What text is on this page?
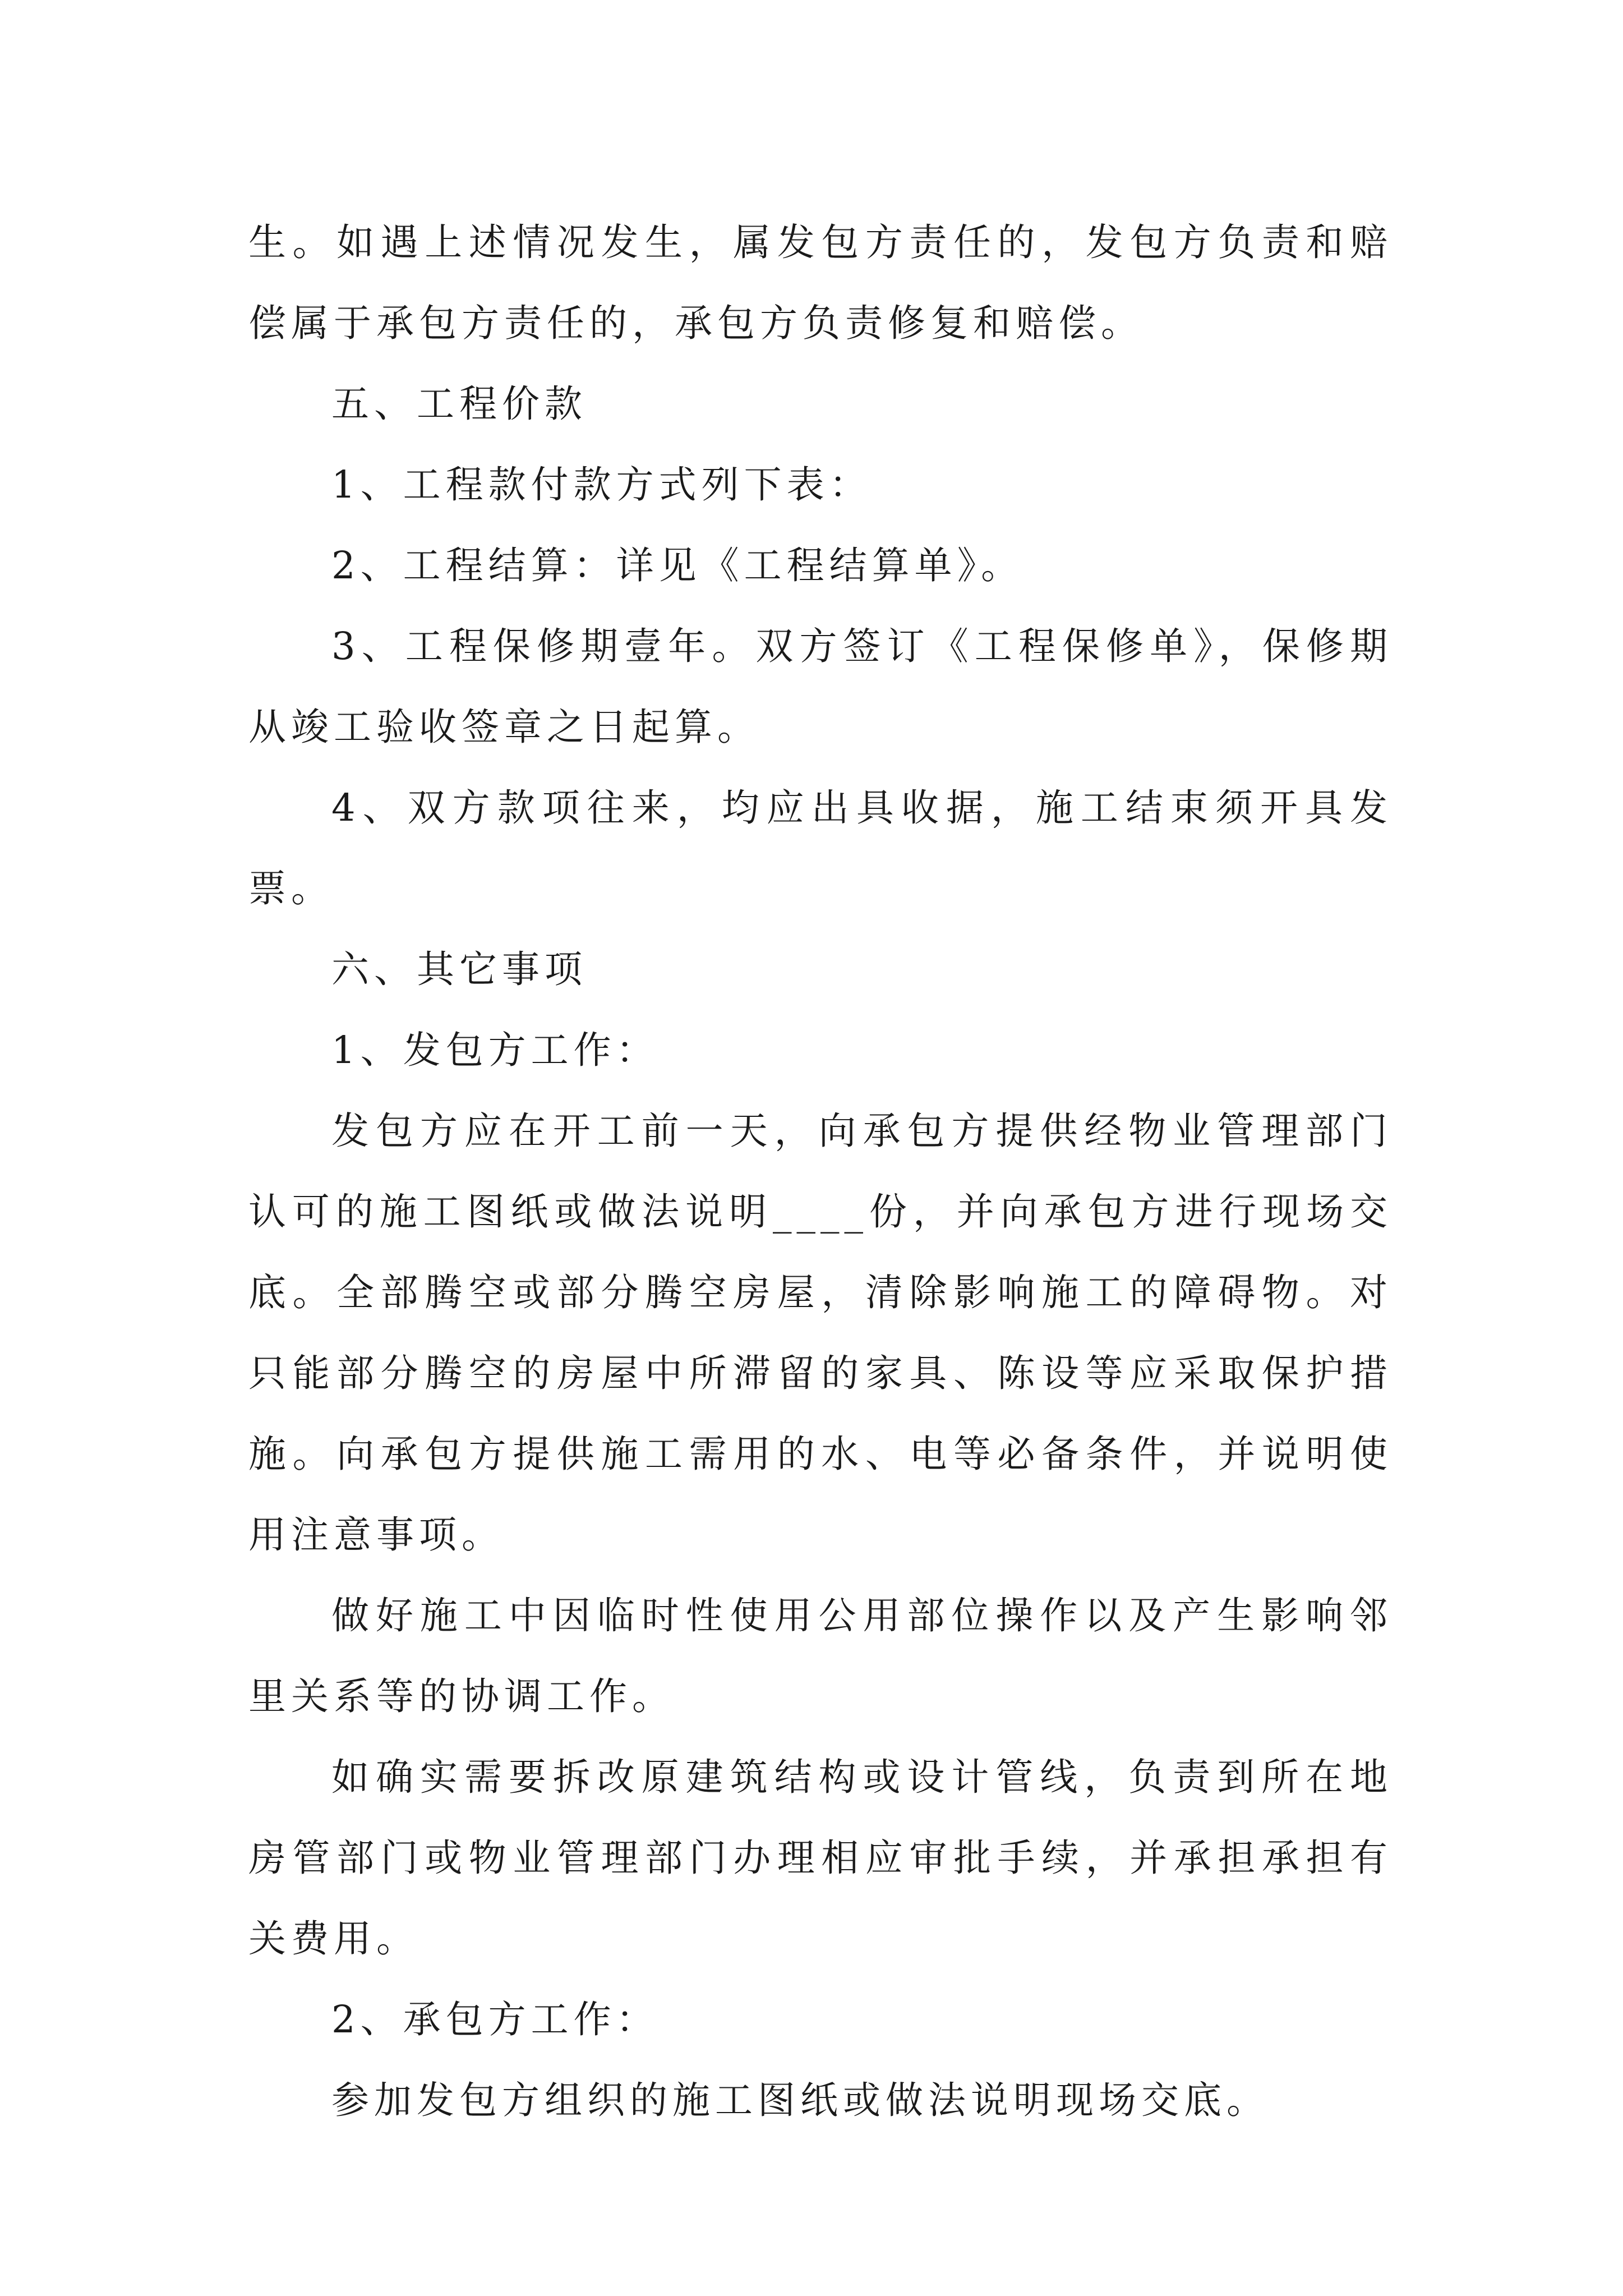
生。如遇上述情况发生，属发包方责任的，发包方负责和赔偿属于承包方责任的，承包方负责修复和赔偿。

五、工程价款

1、工程款付款方式列下表：

2、工程结算：详见《工程结算单》。

3、工程保修期壹年。双方签订《工程保修单》，保修期从竣工验收签章之日起算。

4、双方款项往来，均应出具收据，施工结束须开具发票。

六、其它事项

1、发包方工作：

发包方应在开工前一天，向承包方提供经物业管理部门认可的施工图纸或做法说明____份，并向承包方进行现场交底。全部腾空或部分腾空房屋，清除影响施工的障碍物。对只能部分腾空的房屋中所滞留的家具、陈设等应采取保护措施。向承包方提供施工需用的水、电等必备条件，并说明使用注意事项。

做好施工中因临时性使用公用部位操作以及产生影响邻里关系等的协调工作。

如确实需要拆改原建筑结构或设计管线，负责到所在地房管部门或物业管理部门办理相应审批手续，并承担承担有关费用。

2、承包方工作：

参加发包方组织的施工图纸或做法说明现场交底。
